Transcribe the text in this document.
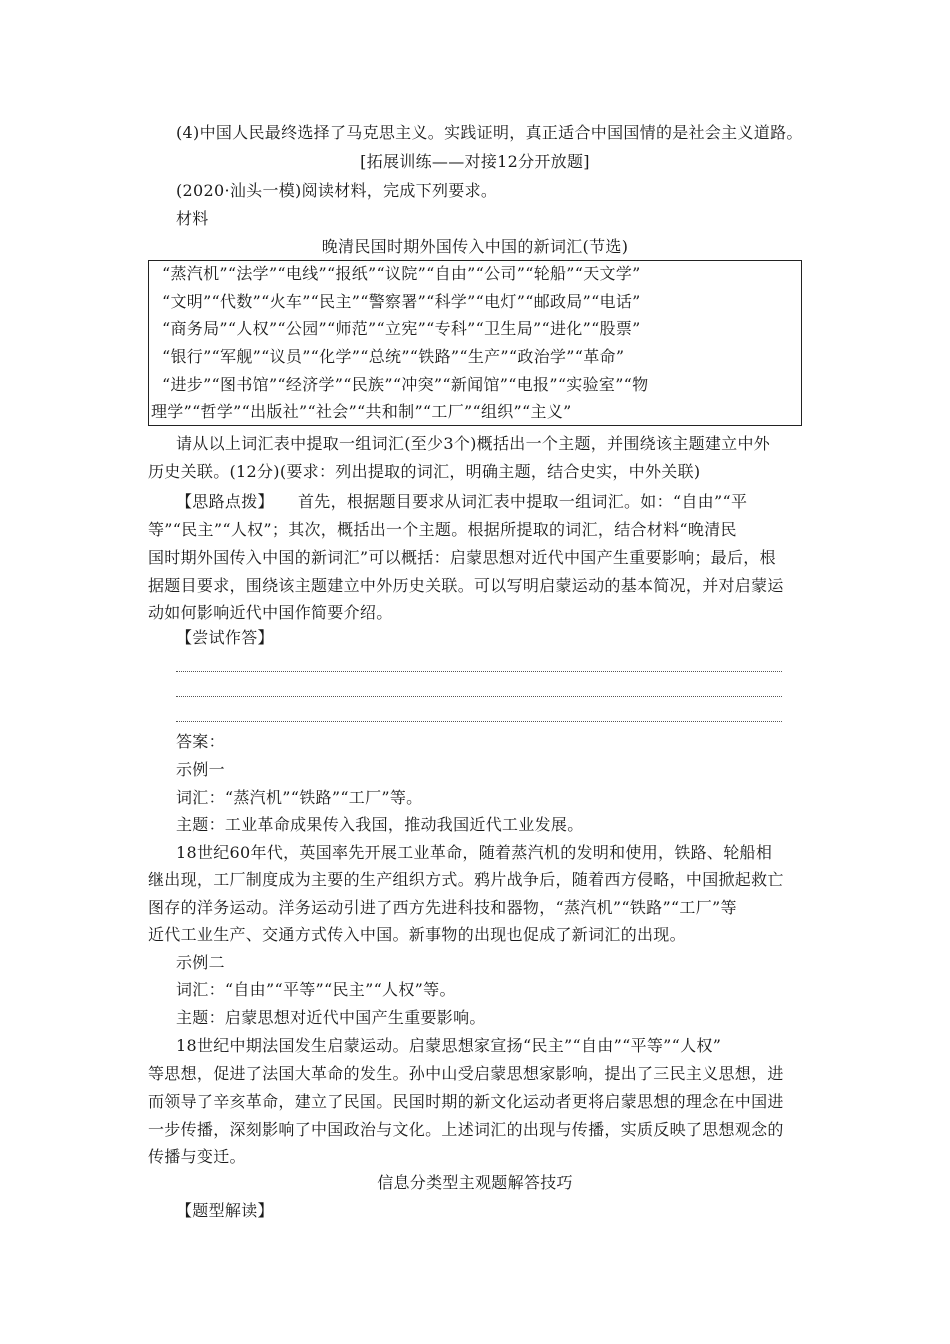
(4)中国人民最终选择了马克思主义。实践证明，真正适合中国国情的是社会主义道路。
[拓展训练——对接12分开放题]
(2020·汕头一模)阅读材料，完成下列要求。
材料
晚清民国时期外国传入中国的新词汇(节选)
“蒸汽机”“法学”“电线”“报纸”“议院”“自由”“公司”“轮船”“天文学”
“文明”“代数”“火车”“民主”“警察署”“科学”“电灯”“邮政局”“电话”
“商务局”“人权”“公园”“师范”“立宪”“专科”“卫生局”“进化”“股票”
“银行”“军舰”“议员”“化学”“总统”“铁路”“生产”“政治学”“革命”
“进步”“图书馆”“经济学”“民族”“冲突”“新闻馆”“电报”“实验室”“物
理学”“哲学”“出版社”“社会”“共和制”“工厂”“组织”“主义”
请从以上词汇表中提取一组词汇(至少3个)概括出一个主题，并围绕该主题建立中外
历史关联。(12分)(要求：列出提取的词汇，明确主题，结合史实，中外关联)
【思路点拨】 首先，根据题目要求从词汇表中提取一组词汇。如：“自由”“平
等”“民主”“人权”；其次，概括出一个主题。根据所提取的词汇，结合材料“晚清民
国时期外国传入中国的新词汇”可以概括：启蒙思想对近代中国产生重要影响；最后，根
据题目要求，围绕该主题建立中外历史关联。可以写明启蒙运动的基本简况，并对启蒙运
动如何影响近代中国作简要介绍。
【尝试作答】
答案：
示例一
词汇：“蒸汽机”“铁路”“工厂”等。
主题：工业革命成果传入我国，推动我国近代工业发展。
18世纪60年代，英国率先开展工业革命，随着蒸汽机的发明和使用，铁路、轮船相
继出现，工厂制度成为主要的生产组织方式。鸦片战争后，随着西方侵略，中国掀起救亡
图存的洋务运动。洋务运动引进了西方先进科技和器物，“蒸汽机”“铁路”“工厂”等
近代工业生产、交通方式传入中国。新事物的出现也促成了新词汇的出现。
示例二
词汇：“自由”“平等”“民主”“人权”等。
主题：启蒙思想对近代中国产生重要影响。
18世纪中期法国发生启蒙运动。启蒙思想家宣扬“民主”“自由”“平等”“人权”
等思想，促进了法国大革命的发生。孙中山受启蒙思想家影响，提出了三民主义思想，进
而领导了辛亥革命，建立了民国。民国时期的新文化运动者更将启蒙思想的理念在中国进
一步传播，深刻影响了中国政治与文化。上述词汇的出现与传播，实质反映了思想观念的
传播与变迁。
信息分类型主观题解答技巧
【题型解读】
